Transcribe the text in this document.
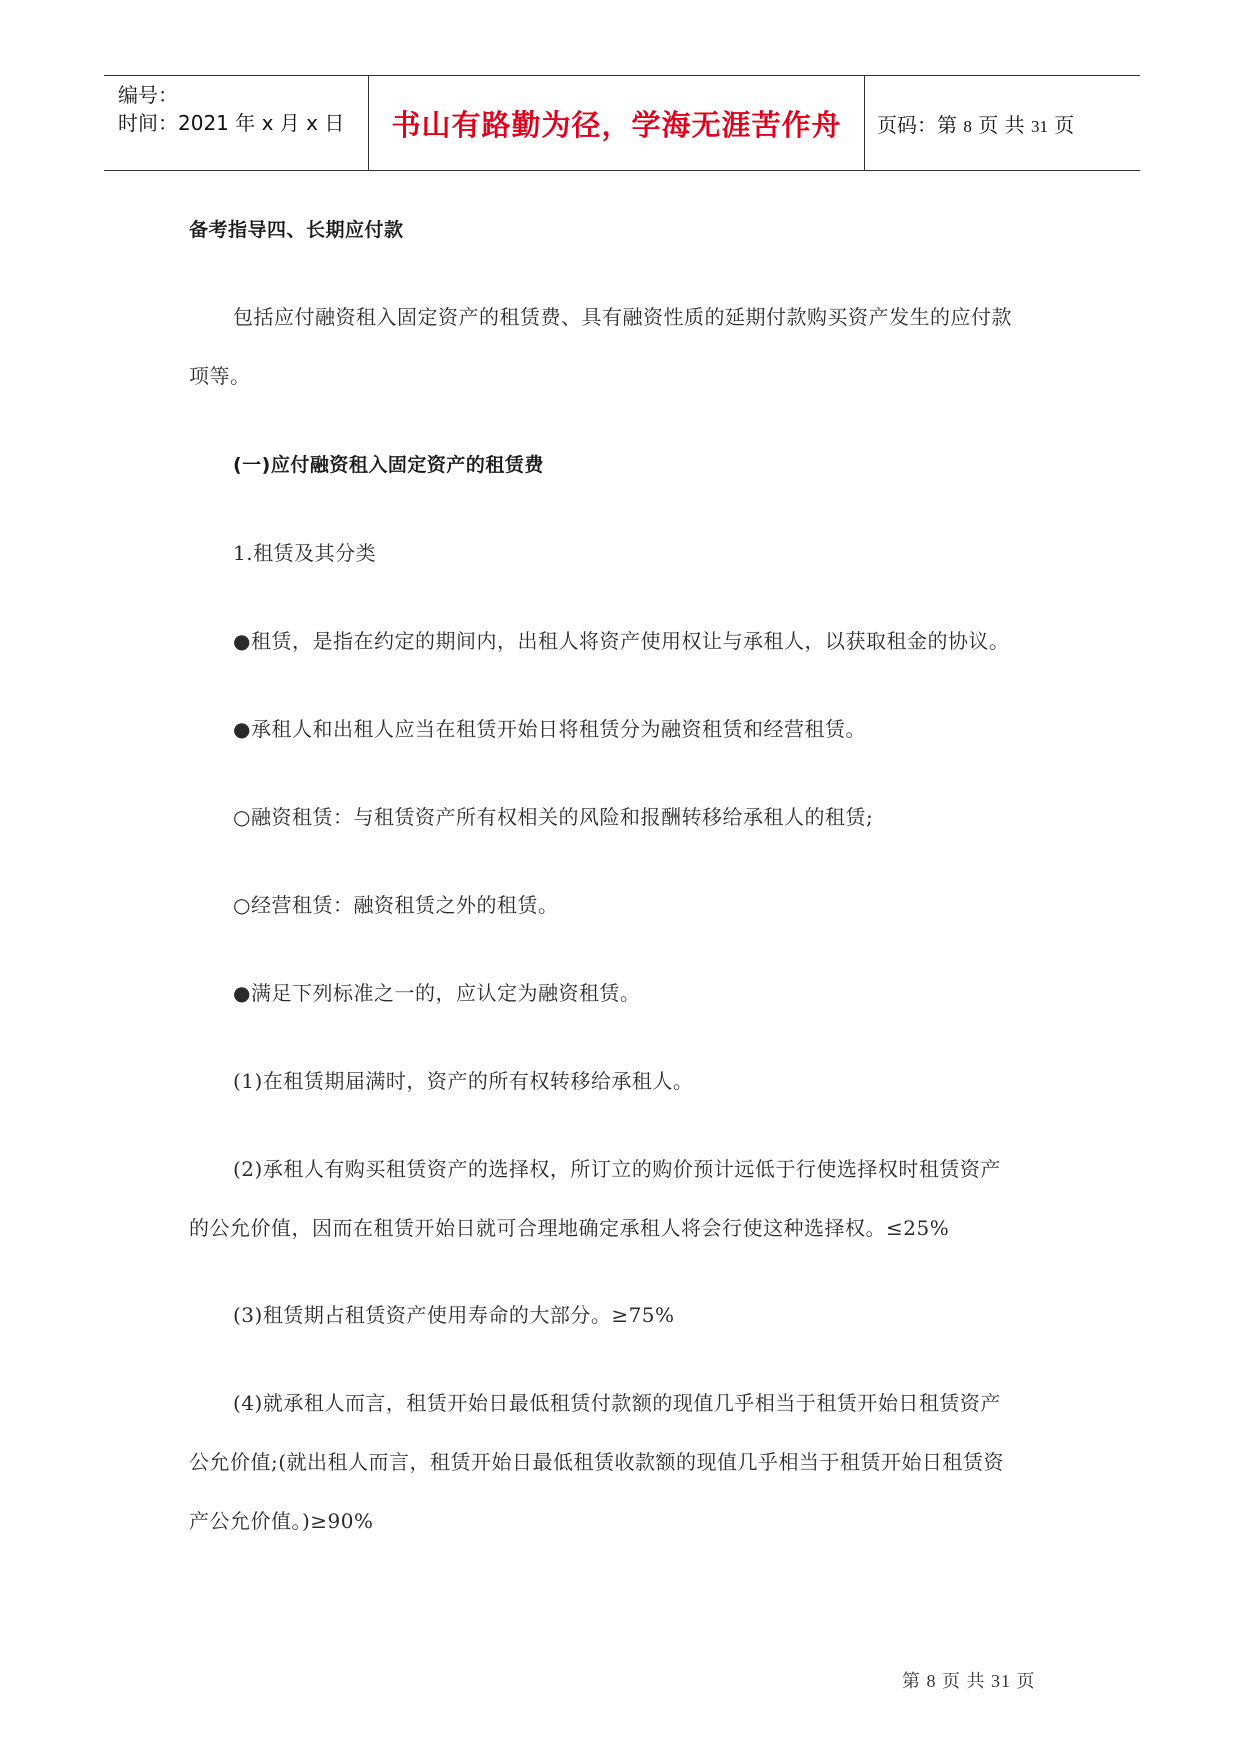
编号：
时间：2021 年 x 月 x 日 书山有路勤为径，学海无涯苦作舟 页码：第 8 页 共 31 页
备考指导四、长期应付款
包括应付融资租入固定资产的租赁费、具有融资性质的延期付款购买资产发生的应付款
项等。
(一)应付融资租入固定资产的租赁费
1.租赁及其分类
●租赁，是指在约定的期间内，出租人将资产使用权让与承租人，以获取租金的协议。
●承租人和出租人应当在租赁开始日将租赁分为融资租赁和经营租赁。
○融资租赁：与租赁资产所有权相关的风险和报酬转移给承租人的租赁;
○经营租赁：融资租赁之外的租赁。
●满足下列标准之一的，应认定为融资租赁。
(1)在租赁期届满时，资产的所有权转移给承租人。
(2)承租人有购买租赁资产的选择权，所订立的购价预计远低于行使选择权时租赁资产
的公允价值，因而在租赁开始日就可合理地确定承租人将会行使这种选择权。≤25%
(3)租赁期占租赁资产使用寿命的大部分。≥75%
(4)就承租人而言，租赁开始日最低租赁付款额的现值几乎相当于租赁开始日租赁资产
公允价值;(就出租人而言，租赁开始日最低租赁收款额的现值几乎相当于租赁开始日租赁资
产公允价值。)≥90%
第 8 页 共 31 页
